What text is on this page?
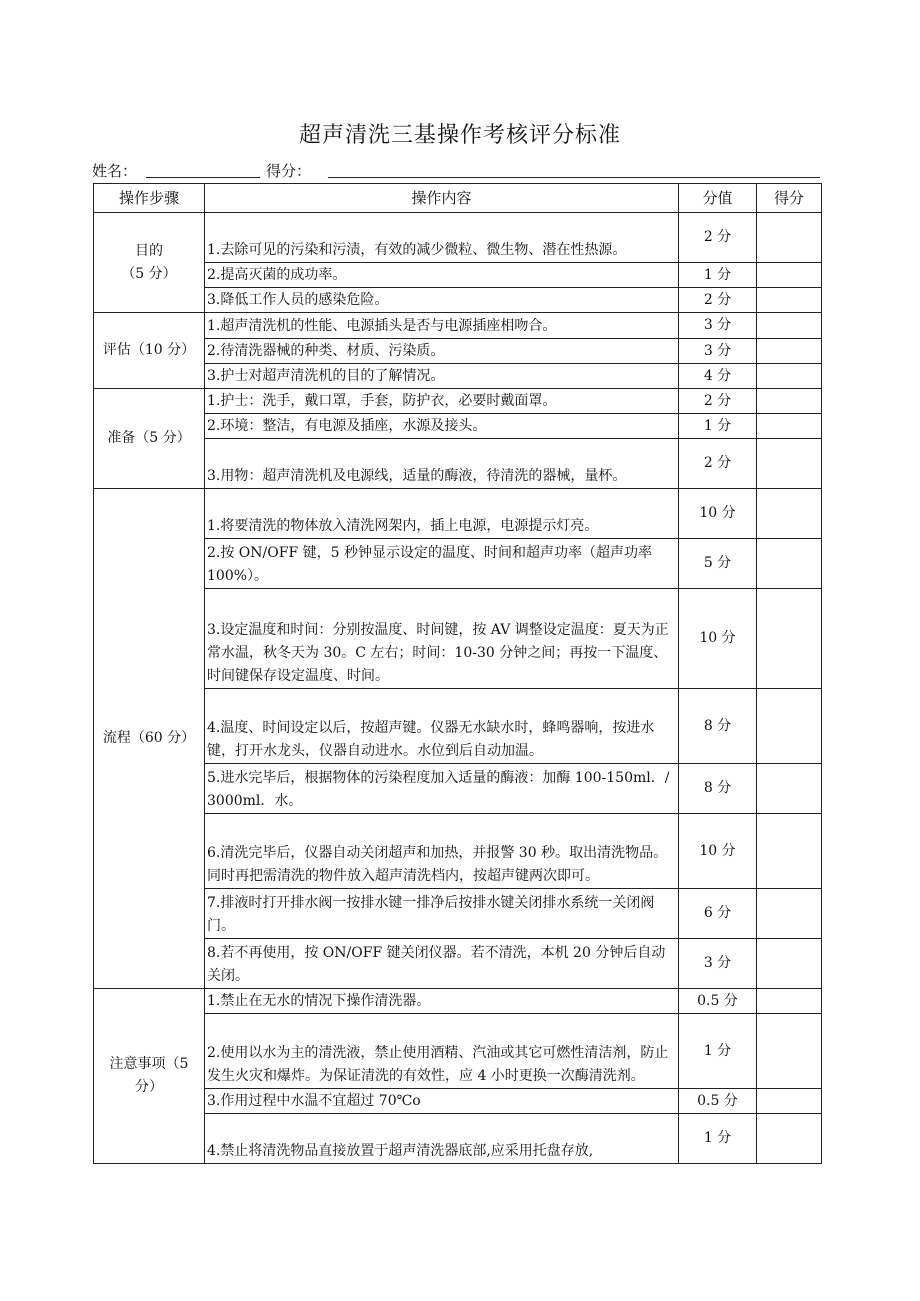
超声清洗三基操作考核评分标准
姓名：	得分：
操作步骤	操作内容	分值	得分

目的
（5 分）	1.去除可见的污染和污渍，有效的减少微粒、微生物、潜在性热源。	2 分	
	2.提高灭菌的成功率。	1 分	
	3.降低工作人员的感染危险。	2 分	

评估（10 分）	1.超声清洗机的性能、电源插头是否与电源插座相吻合。	3 分	
	2.待清洗器械的种类、材质、污染质。	3 分	
	3.护士对超声清洗机的目的了解情况。	4 分	

准备（5 分）	1.护士：洗手，戴口罩，手套，防护衣，必要时戴面罩。	2 分	
	2.环境：整洁，有电源及插座，水源及接头。	1 分	
	3.用物：超声清洗机及电源线，适量的酶液，待清洗的器械，量杯。	2 分	

流程（60 分）	1.将要清洗的物体放入清洗网架内，插上电源，电源提示灯亮。	10 分	
	2.按 ON/OFF 键，5 秒钟显示设定的温度、时间和超声功率（超声功率 100%）。	5 分	
	3.设定温度和时间：分别按温度、时间键，按 AV 调整设定温度：夏天为正常水温，秋冬天为 30。C 左右；时间：10-30 分钟之间；再按一下温度、时间键保存设定温度、时间。	10 分	
	4.温度、时间设定以后，按超声键。仪器无水缺水时，蜂鸣器响，按进水键，打开水龙头，仪器自动进水。水位到后自动加温。	8 分	
	5.进水完毕后，根据物体的污染程度加入适量的酶液：加酶 100-150ml．/ 3000ml．水。	8 分	
	6.清洗完毕后，仪器自动关闭超声和加热，并报警 30 秒。取出清洗物品。同时再把需清洗的物件放入超声清洗档内，按超声键两次即可。	10 分	
	7.排液时打开排水阀一按排水键一排净后按排水键关闭排水系统一关闭阀门。	6 分	
	8.若不再使用，按 ON/OFF 键关闭仪器。若不清洗，本机 20 分钟后自动关闭。	3 分	

注意事项（5
分）	1.禁止在无水的情况下操作清洗器。	0.5 分	
	2.使用以水为主的清洗液，禁止使用酒精、汽油或其它可燃性清洁剂，防止发生火灾和爆炸。为保证清洗的有效性，应 4 小时更换一次酶清洗剂。	1 分	
	3.作用过程中水温不宜超过 70℃o	0.5 分	
	4.禁止将清洗物品直接放置于超声清洗器底部,应采用托盘存放,	1 分	
